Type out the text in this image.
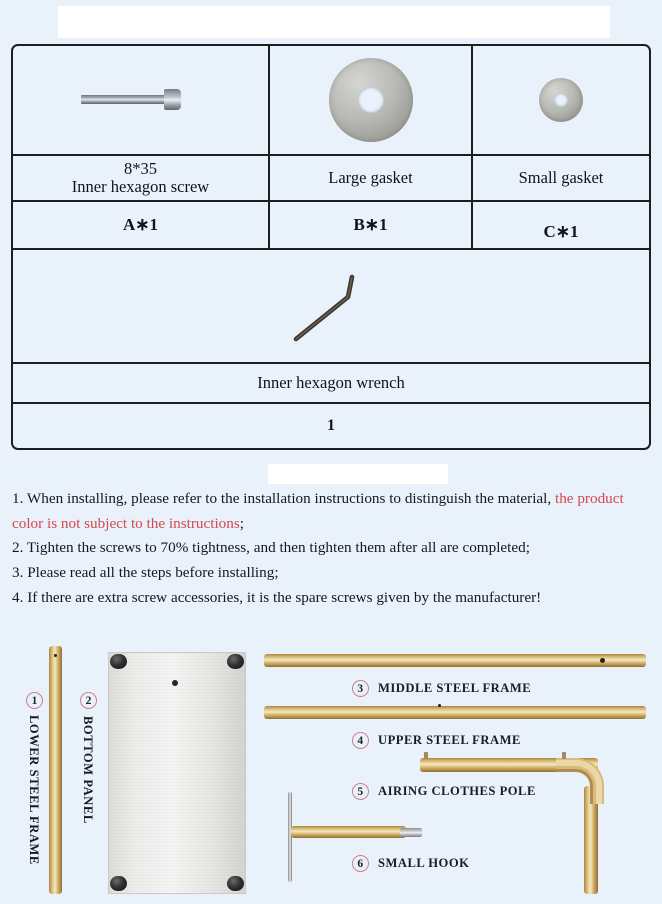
8*35
Inner hexagon screw	Large gasket	Small gasket
A∗1	B∗1	C∗1
Inner hexagon wrench
1

1. When installing, please refer to the installation instructions to distinguish the material, the product color is not subject to the instructions;

2. Tighten the screws to 70% tightness, and then tighten them after all are completed;

3. Please read all the steps before installing;

4. If there are extra screw accessories, it is the spare screws given by the manufacturer!

1
LOWER STEEL FRAME
2
BOTTOM PANEL
3	MIDDLE STEEL FRAME
4	UPPER STEEL FRAME
5	AIRING CLOTHES POLE
6	SMALL HOOK
